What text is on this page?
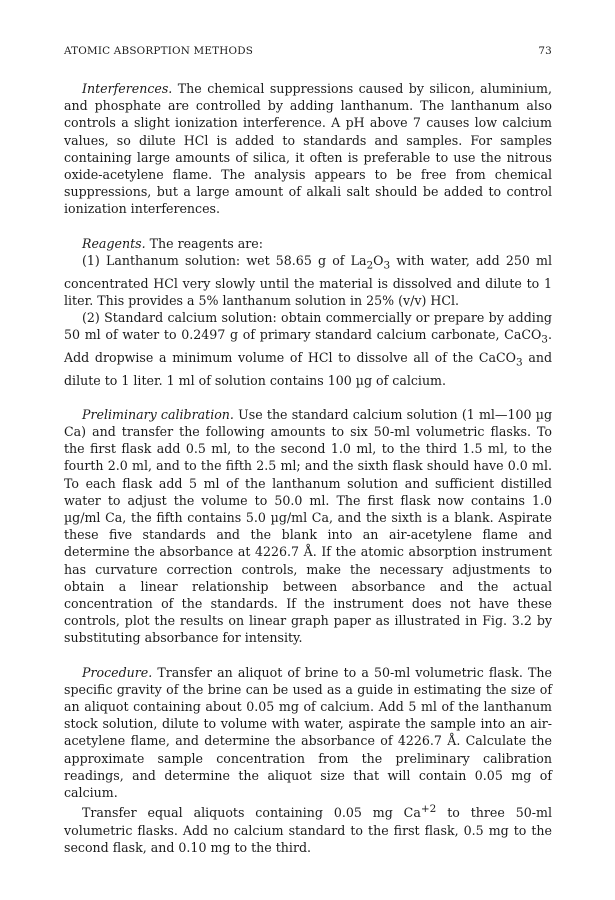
ATOMIC ABSORPTION METHODS	73

Interferences. The chemical suppressions caused by silicon, aluminium, and phosphate are controlled by adding lanthanum. The lanthanum also controls a slight ionization interference. A pH above 7 causes low calcium values, so dilute HCl is added to standards and samples. For samples containing large amounts of silica, it often is preferable to use the nitrous oxide-acetylene flame. The analysis appears to be free from chemical suppressions, but a large amount of alkali salt should be added to control ionization interferences.

Reagents. The reagents are:

(1) Lanthanum solution: wet 58.65 g of $La_2O_3$ with water, add 250 ml concentrated HCl very slowly until the material is dissolved and dilute to 1 liter. This provides a 5% lanthanum solution in 25% (v/v) HCl.

(2) Standard calcium solution: obtain commercially or prepare by adding 50 ml of water to 0.2497 g of primary standard calcium carbonate, CaCO$_3$. Add dropwise a minimum volume of HCl to dissolve all of the CaCO$_3$ and dilute to 1 liter. 1 ml of solution contains 100 µg of calcium.

Preliminary calibration. Use the standard calcium solution (1 ml—100 µg Ca) and transfer the following amounts to six 50-ml volumetric flasks. To the first flask add 0.5 ml, to the second 1.0 ml, to the third 1.5 ml, to the fourth 2.0 ml, and to the fifth 2.5 ml; and the sixth flask should have 0.0 ml. To each flask add 5 ml of the lanthanum solution and sufficient distilled water to adjust the volume to 50.0 ml. The first flask now contains 1.0 µg/ml Ca, the fifth contains 5.0 µg/ml Ca, and the sixth is a blank. Aspirate these five standards and the blank into an air-acetylene flame and determine the absorbance at 4226.7 Å. If the atomic absorption instrument has curvature correction controls, make the necessary adjustments to obtain a linear relationship between absorbance and the actual concentration of the standards. If the instrument does not have these controls, plot the results on linear graph paper as illustrated in Fig. 3.2 by substituting absorbance for intensity.

Procedure. Transfer an aliquot of brine to a 50-ml volumetric flask. The specific gravity of the brine can be used as a guide in estimating the size of an aliquot containing about 0.05 mg of calcium. Add 5 ml of the lanthanum stock solution, dilute to volume with water, aspirate the sample into an air-acetylene flame, and determine the absorbance of 4226.7 Å. Calculate the approximate sample concentration from the preliminary calibration readings, and determine the aliquot size that will contain 0.05 mg of calcium.

Transfer equal aliquots containing 0.05 mg $Ca^{+2}$ to three 50-ml volumetric flasks. Add no calcium standard to the first flask, 0.5 mg to the second flask, and 0.10 mg to the third.
